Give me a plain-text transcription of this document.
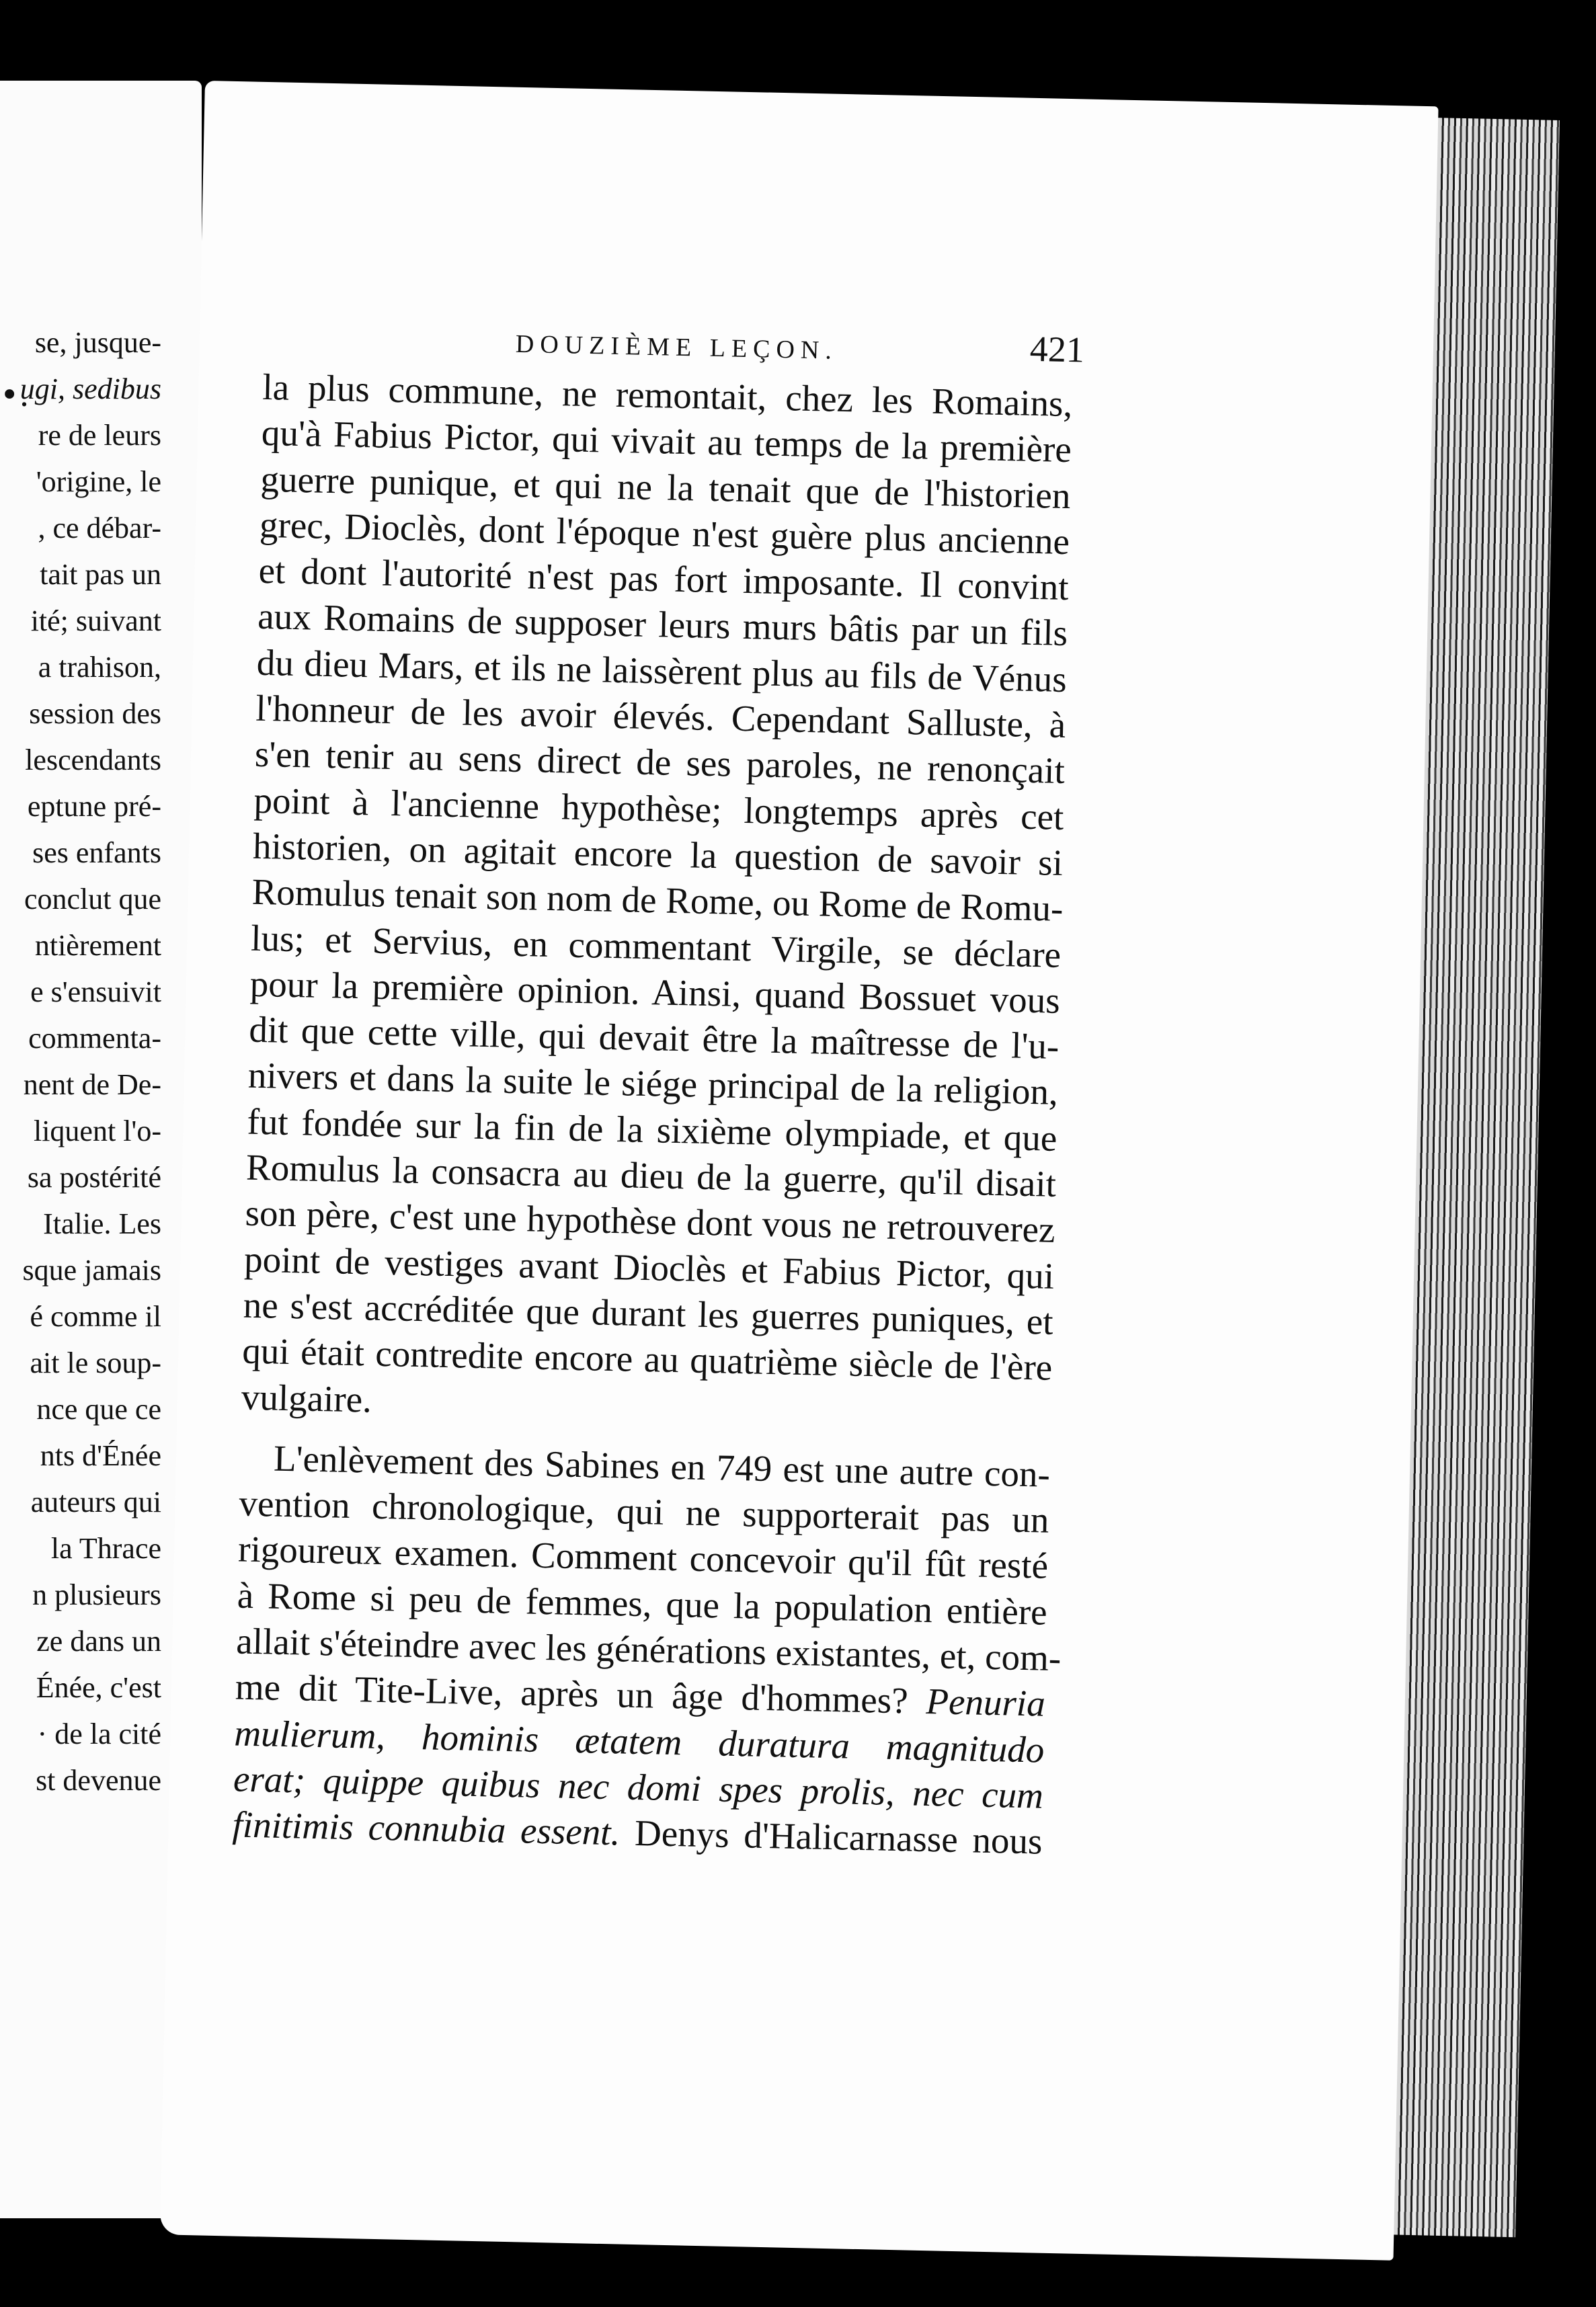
•.
se, jusque-
ugi, sedibus
re de leurs
'origine, le
, ce débar-
tait pas un
ité; suivant
a trahison,
session des
lescendants
eptune pré-
ses enfants
conclut que
ntièrement
e s'ensuivit
commenta-
nent de De-
liquent l'o-
sa postérité
Italie. Les
sque jamais
é comme il
ait le soup-
nce que ce
nts d'Énée
auteurs qui
la Thrace
n plusieurs
ze dans un
Énée, c'est
· de la cité
st devenue
DOUZIÈME LEÇON.	421
la plus commune, ne remontait, chez les Romains,
qu'à Fabius Pictor, qui vivait au temps de la première
guerre punique, et qui ne la tenait que de l'historien
grec, Dioclès, dont l'époque n'est guère plus ancienne
et dont l'autorité n'est pas fort imposante. Il convint
aux Romains de supposer leurs murs bâtis par un fils
du dieu Mars, et ils ne laissèrent plus au fils de Vénus
l'honneur de les avoir élevés. Cependant Salluste, à
s'en tenir au sens direct de ses paroles, ne renonçait
point à l'ancienne hypothèse; longtemps après cet
historien, on agitait encore la question de savoir si
Romulus tenait son nom de Rome, ou Rome de Romu-
lus; et Servius, en commentant Virgile, se déclare
pour la première opinion. Ainsi, quand Bossuet vous
dit que cette ville, qui devait être la maîtresse de l'u-
nivers et dans la suite le siége principal de la religion,
fut fondée sur la fin de la sixième olympiade, et que
Romulus la consacra au dieu de la guerre, qu'il disait
son père, c'est une hypothèse dont vous ne retrouverez
point de vestiges avant Dioclès et Fabius Pictor, qui
ne s'est accréditée que durant les guerres puniques, et
qui était contredite encore au quatrième siècle de l'ère
vulgaire.
L'enlèvement des Sabines en 749 est une autre con-
vention chronologique, qui ne supporterait pas un
rigoureux examen. Comment concevoir qu'il fût resté
à Rome si peu de femmes, que la population entière
allait s'éteindre avec les générations existantes, et, com-
me dit Tite-Live, après un âge d'hommes? Penuria
mulierum, hominis ætatem duratura magnitudo
erat; quippe quibus nec domi spes prolis, nec cum
finitimis connubia essent. Denys d'Halicarnasse nous
